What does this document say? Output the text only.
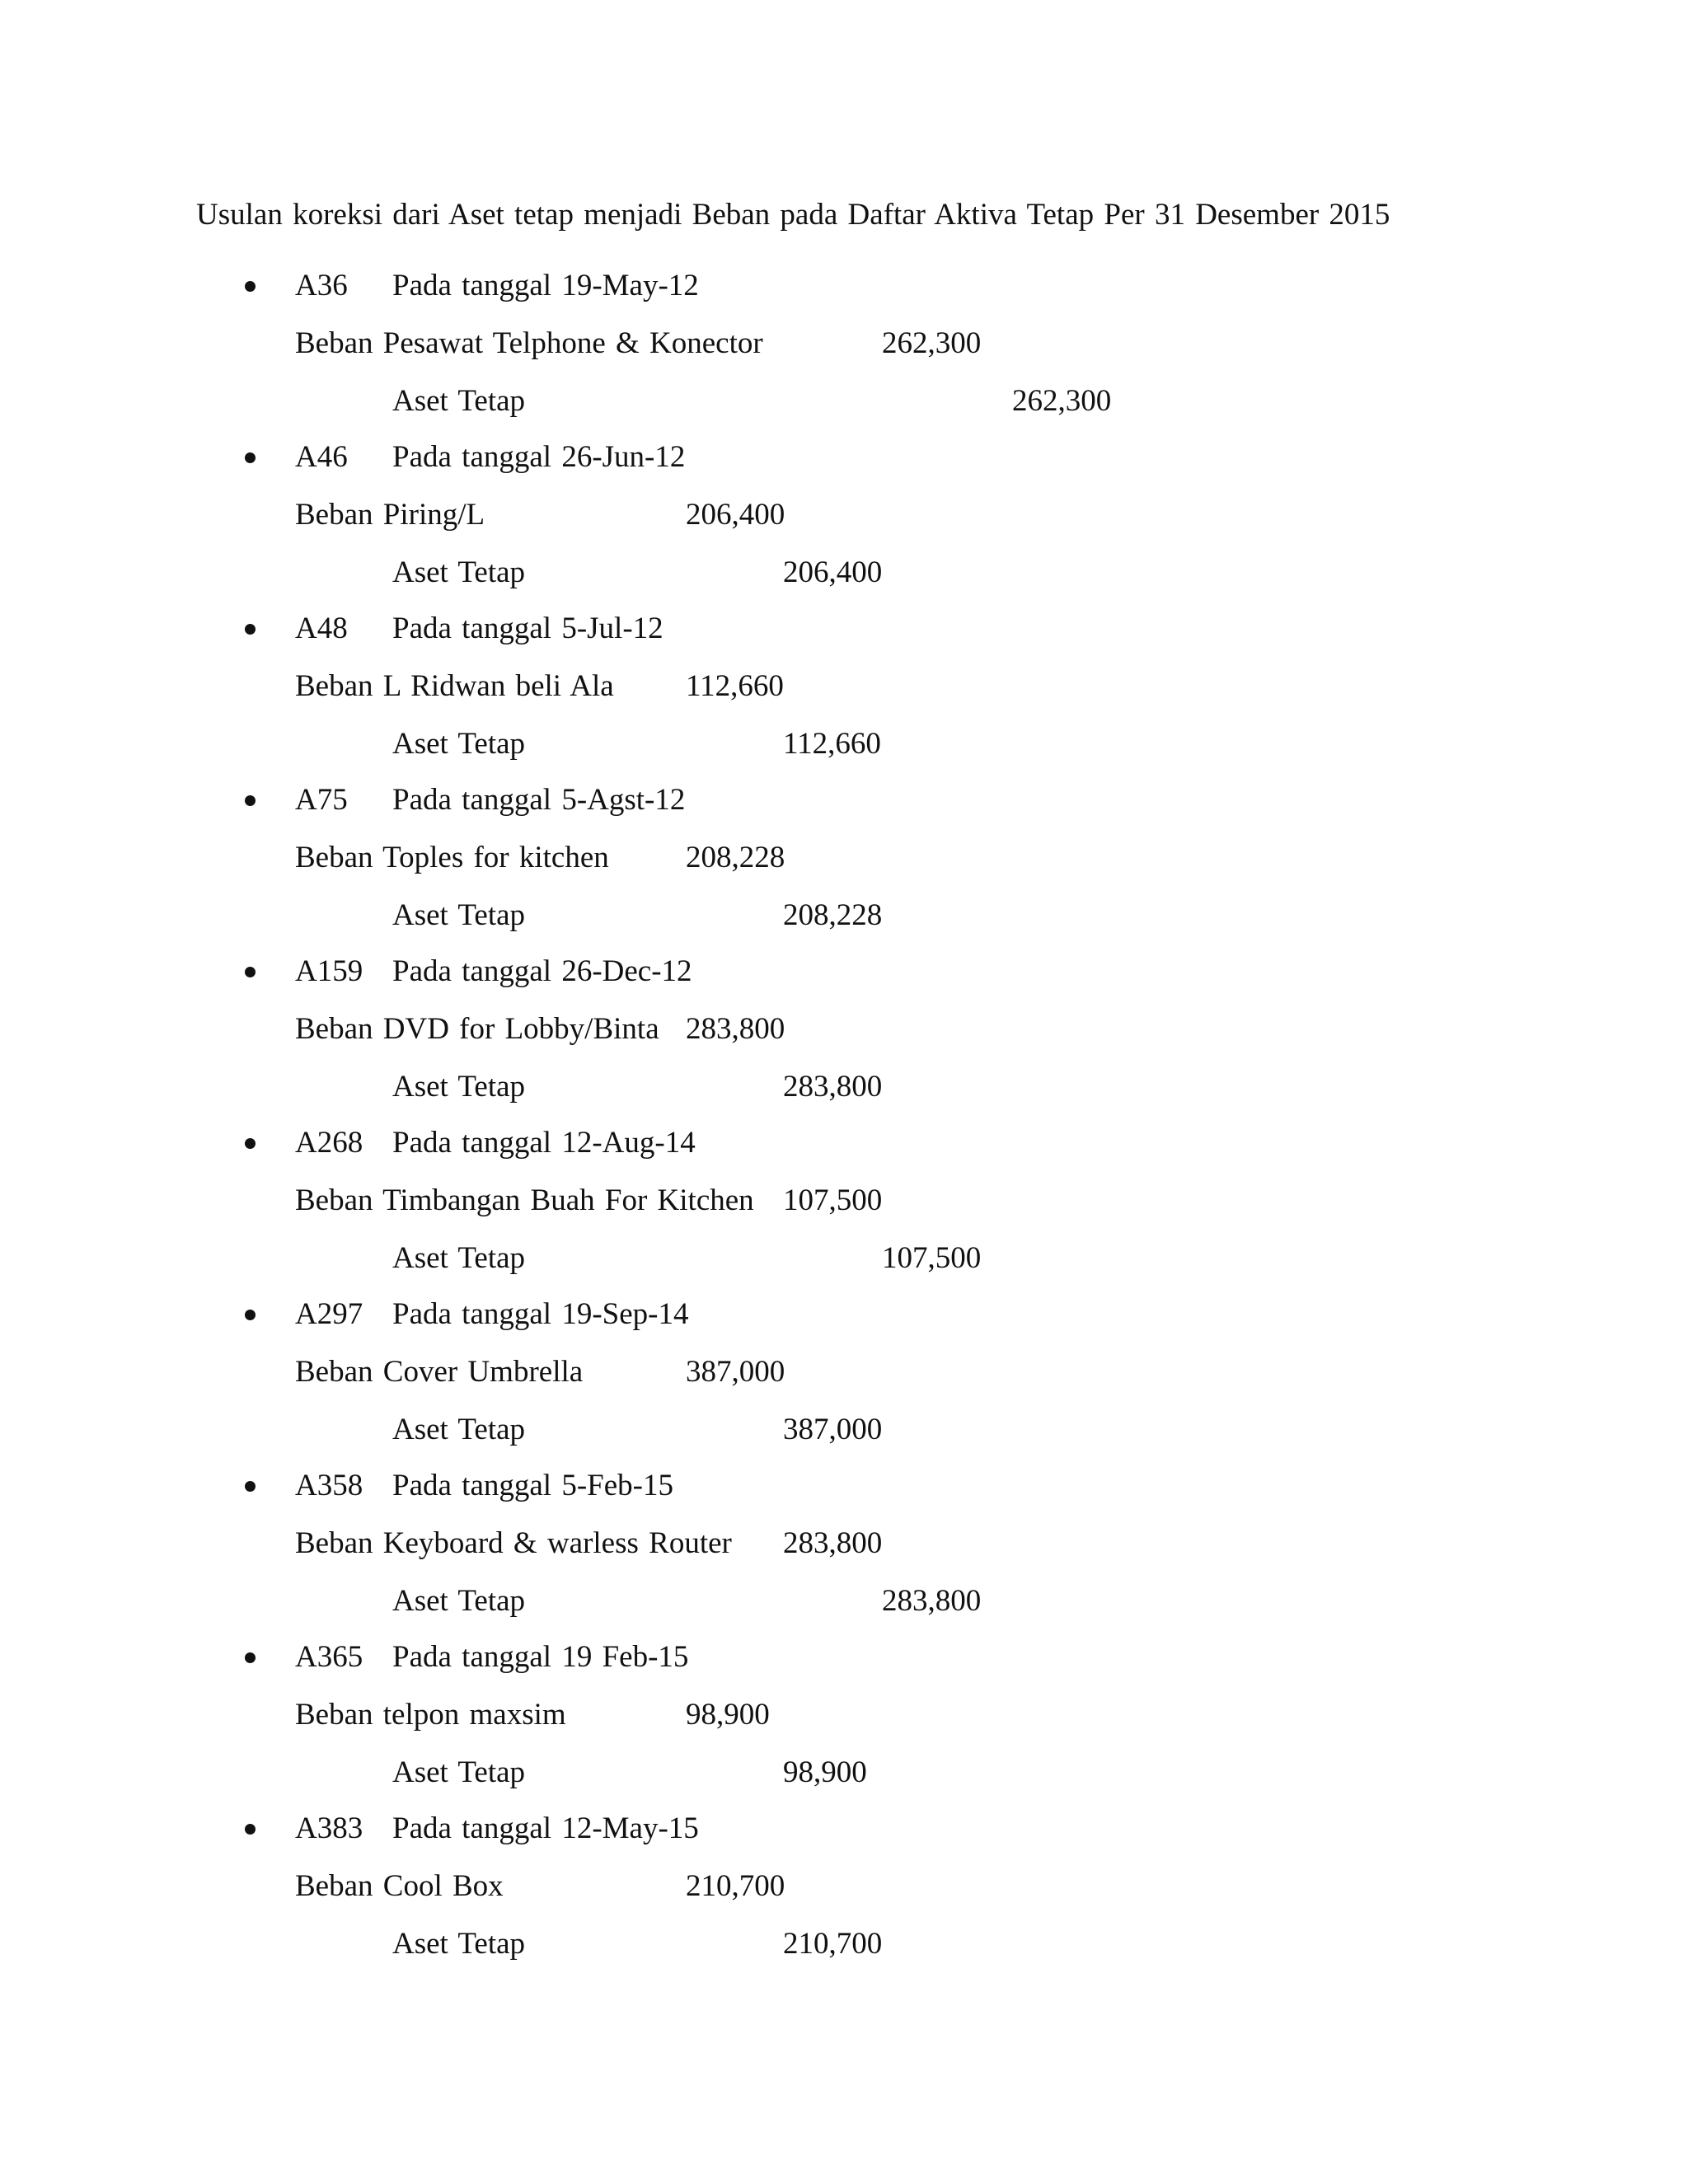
Usulan koreksi dari Aset tetap menjadi Beban pada Daftar Aktiva Tetap Per 31 Desember 2015
A36 Pada tanggal 19-May-12
Beban Pesawat Telphone & Konector	262,300
Aset Tetap	262,300
A46 Pada tanggal 26-Jun-12
Beban Piring/L	206,400
Aset Tetap	206,400
A48 Pada tanggal 5-Jul-12
Beban L Ridwan beli Ala 112,660
Aset Tetap	112,660
A75 Pada tanggal 5-Agst-12
Beban Toples for kitchen	208,228
Aset Tetap	208,228
A159 Pada tanggal 26-Dec-12
Beban DVD for Lobby/Binta 283,800
Aset Tetap	283,800
A268 Pada tanggal 12-Aug-14
Beban Timbangan Buah For Kitchen 107,500
Aset Tetap	107,500
A297 Pada tanggal 19-Sep-14
Beban Cover Umbrella	387,000
Aset Tetap	387,000
A358 Pada tanggal 5-Feb-15
Beban Keyboard & warless Router 283,800
Aset Tetap	283,800
A365 Pada tanggal 19 Feb-15
Beban telpon maxsim	98,900
Aset Tetap	98,900
A383 Pada tanggal 12-May-15
Beban Cool Box	210,700
Aset Tetap	210,700
